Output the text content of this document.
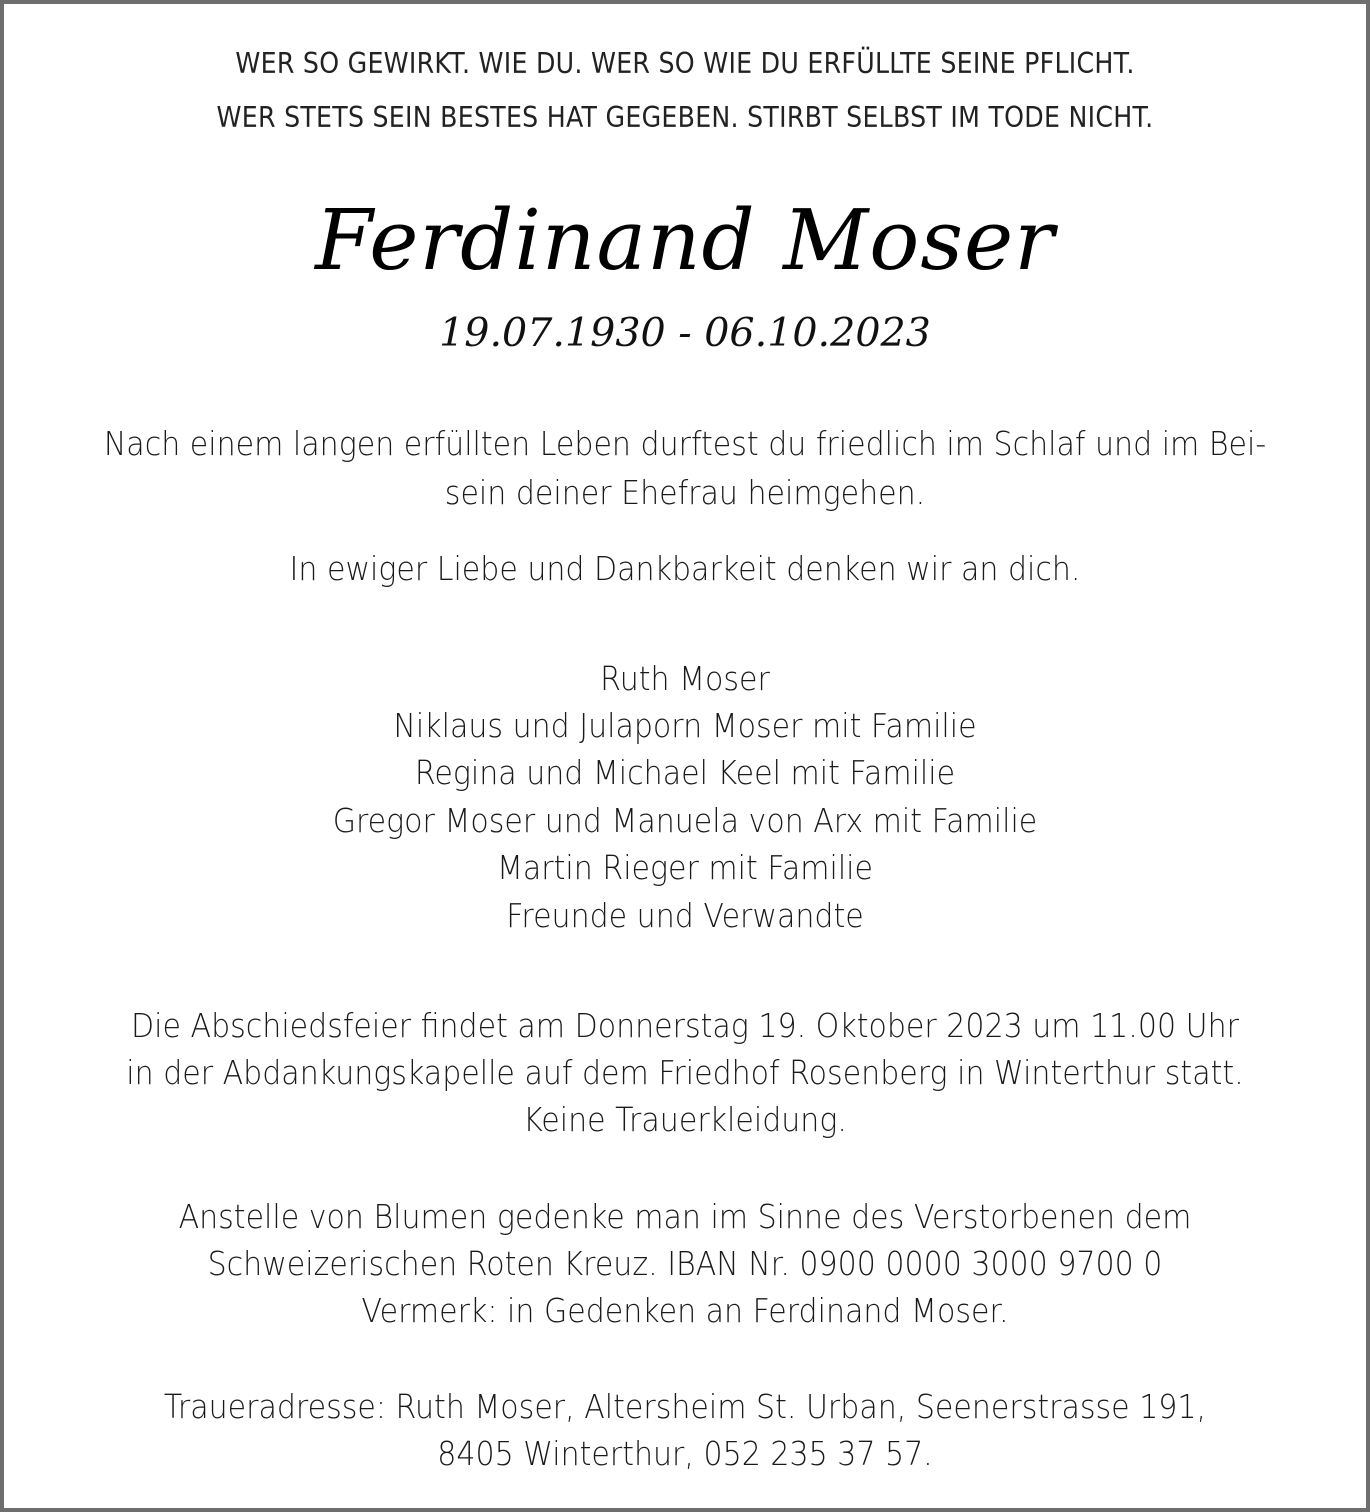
WER SO GEWIRKT. WIE DU. WER SO WIE DU ERFÜLLTE SEINE PFLICHT.
WER STETS SEIN BESTES HAT GEGEBEN. STIRBT SELBST IM TODE NICHT.
Ferdinand Moser
19.07.1930 - 06.10.2023
Nach einem langen erfüllten Leben durftest du friedlich im Schlaf und im Bei-
sein deiner Ehefrau heimgehen.
In ewiger Liebe und Dankbarkeit denken wir an dich.
Ruth Moser
Niklaus und Julaporn Moser mit Familie
Regina und Michael Keel mit Familie
Gregor Moser und Manuela von Arx mit Familie
Martin Rieger mit Familie
Freunde und Verwandte
Die Abschiedsfeier findet am Donnerstag 19. Oktober 2023 um 11.00 Uhr
in der Abdankungskapelle auf dem Friedhof Rosenberg in Winterthur statt.
Keine Trauerkleidung.
Anstelle von Blumen gedenke man im Sinne des Verstorbenen dem
Schweizerischen Roten Kreuz. IBAN Nr. 0900 0000 3000 9700 0
Vermerk: in Gedenken an Ferdinand Moser.
Traueradresse: Ruth Moser, Altersheim St. Urban, Seenerstrasse 191,
8405 Winterthur, 052 235 37 57.
